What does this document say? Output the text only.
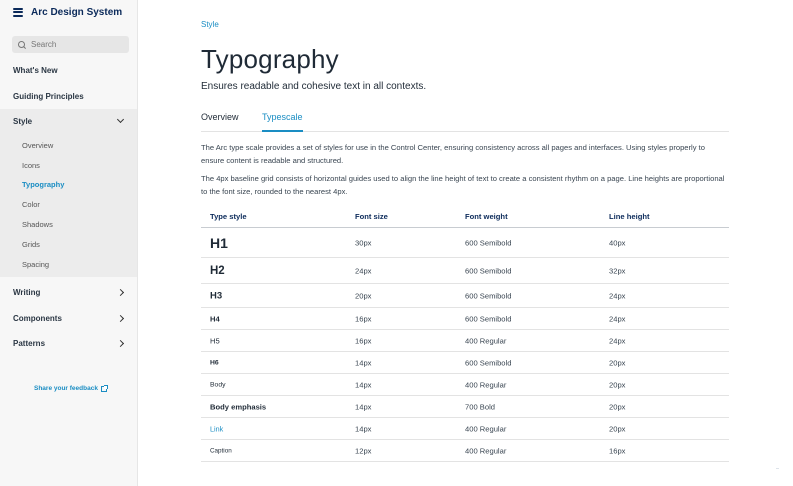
Arc Design System
Search
What's New
Guiding Principles
Style
Overview
Icons
Typography
Color
Shadows
Grids
Spacing
Writing
Components
Patterns
Share your feedback
Style
Typography
Ensures readable and cohesive text in all contexts.
Overview	Typescale

The Arc type scale provides a set of styles for use in the Control Center, ensuring consistency across all pages and interfaces. Using styles properly to ensure content is readable and structured.

The 4px baseline grid consists of horizontal guides used to align the line height of text to create a consistent rhythm on a page. Line heights are proportional to the font size, rounded to the nearest 4px.

Type style	Font size	Font weight	Line height
H1	30px	600 Semibold	40px
H2	24px	600 Semibold	32px
H3	20px	600 Semibold	24px
H4	16px	600 Semibold	24px
H5	16px	400 Regular	24px
H6	14px	600 Semibold	20px
Body	14px	400 Regular	20px
Body emphasis	14px	700 Bold	20px
Link	14px	400 Regular	20px
Caption	12px	400 Regular	16px
